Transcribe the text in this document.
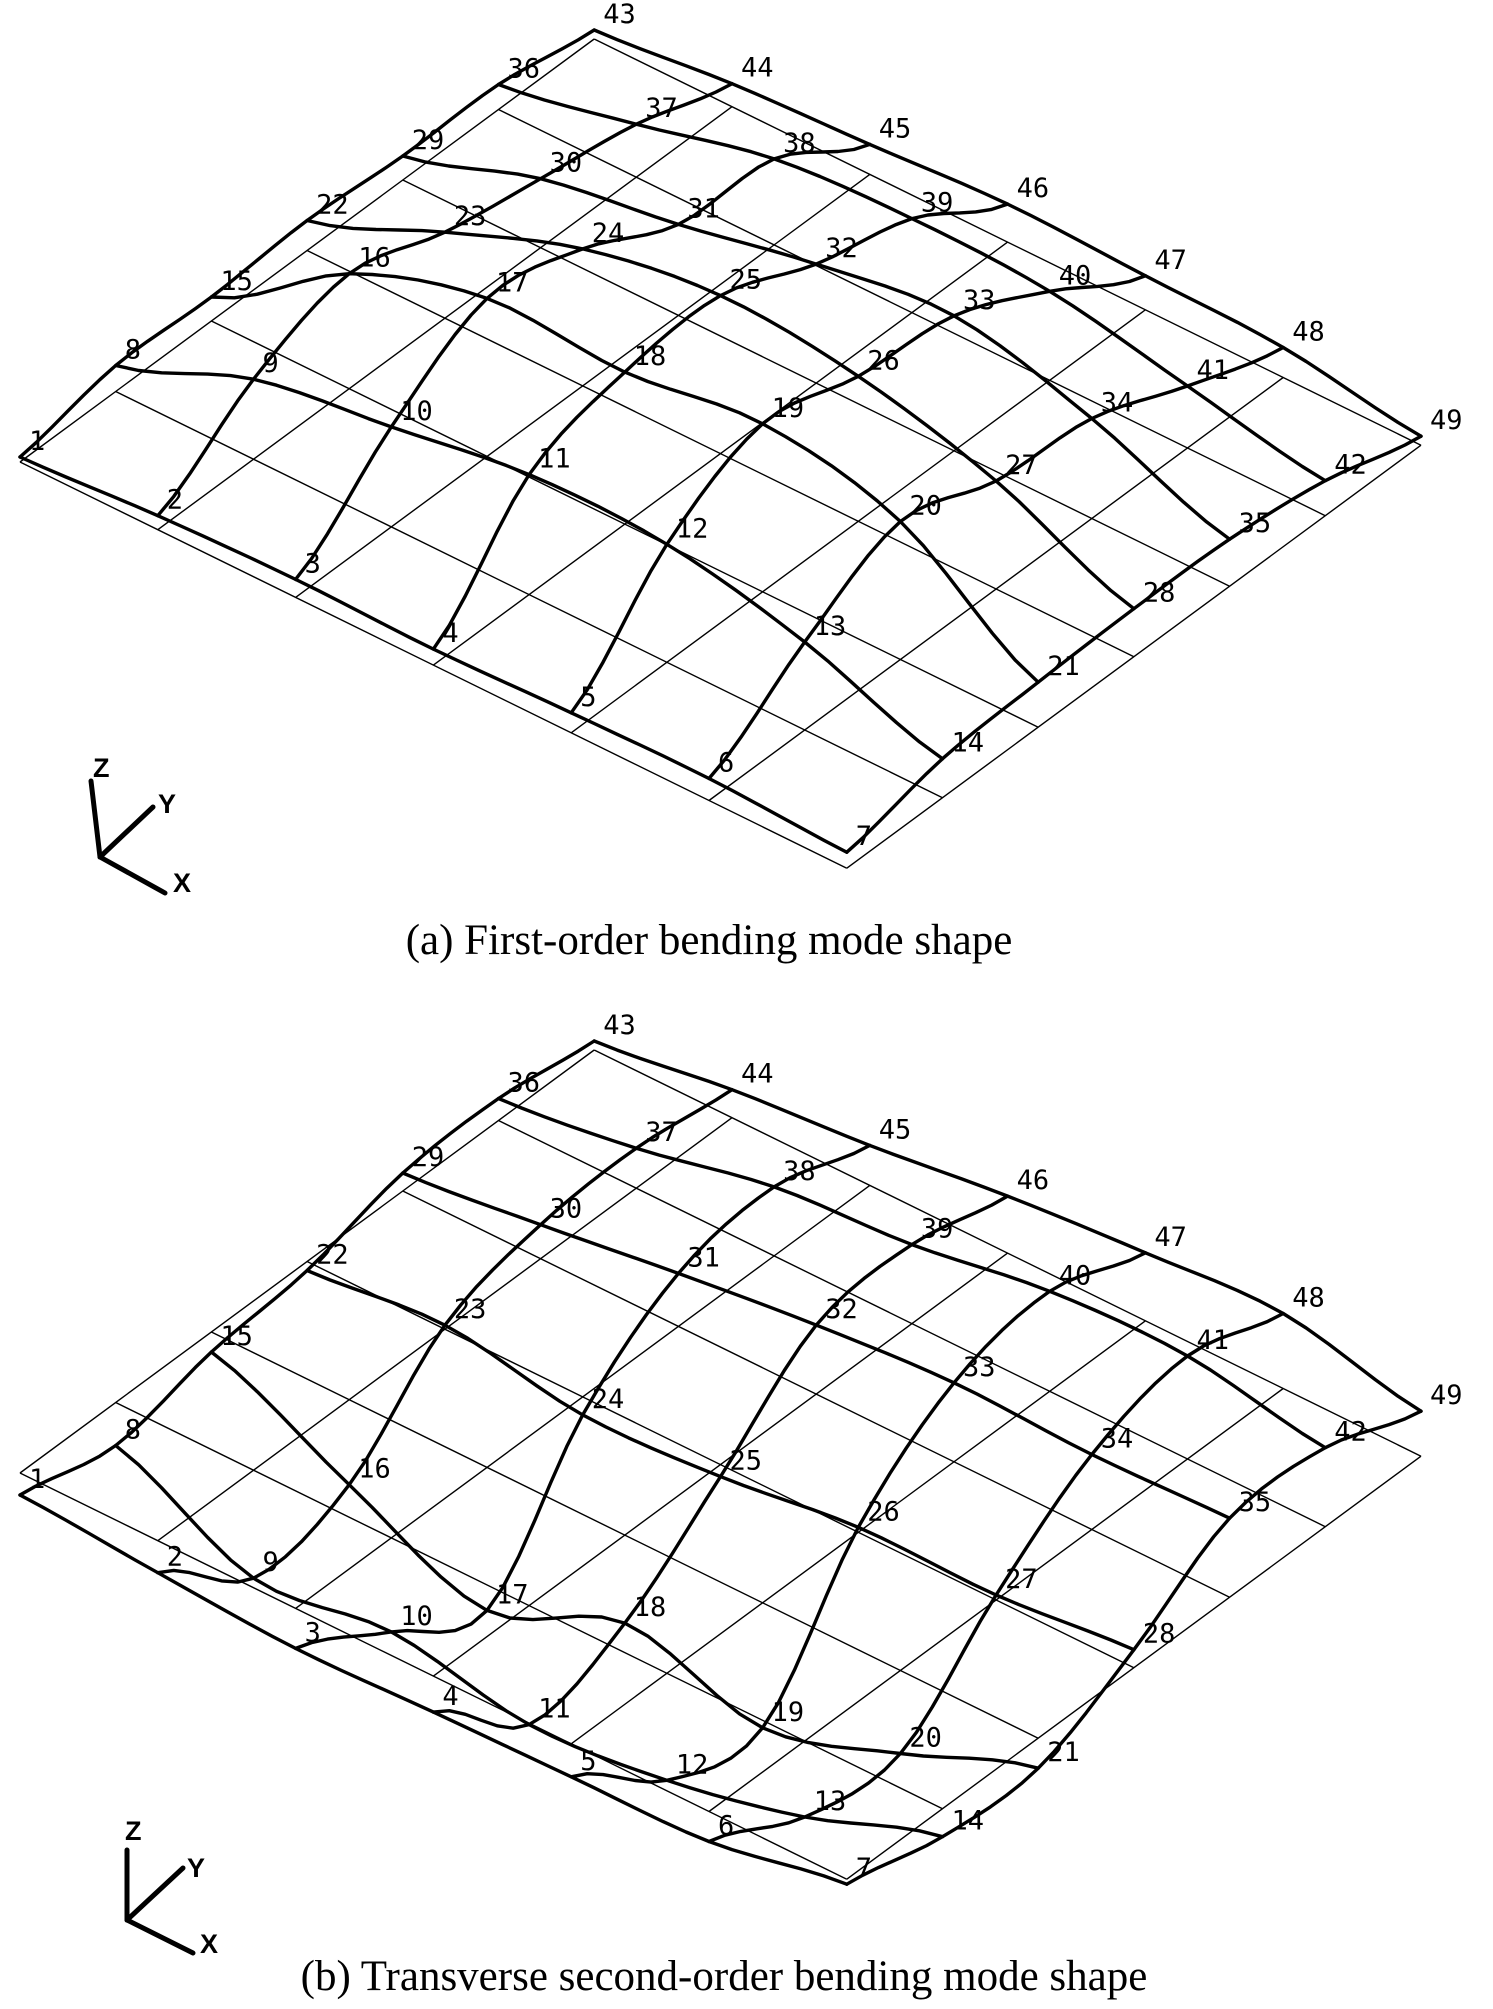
1
2
3
4
5
6
7
8	9
10
11
12
13
14
15
16
17
18
19
20
21
22	23
24
25
26
27
28
29
30
31
32
33
34
35
36
37
38
39
40
41
42
43
44
45
46
47
48
49
Z
Y
X
1
2
3
4
5
6
7
8
9
10
11
12
13
14
15
16
17	18
19
20	21
22
23
24
25
26
27
28
29
30
31
32
33
34
35
36
37
38
39
40
41
42
43
44
45
46
47
48
49
Z
Y
X
(a) First-order bending mode shape
(b) Transverse second-order bending mode shape
